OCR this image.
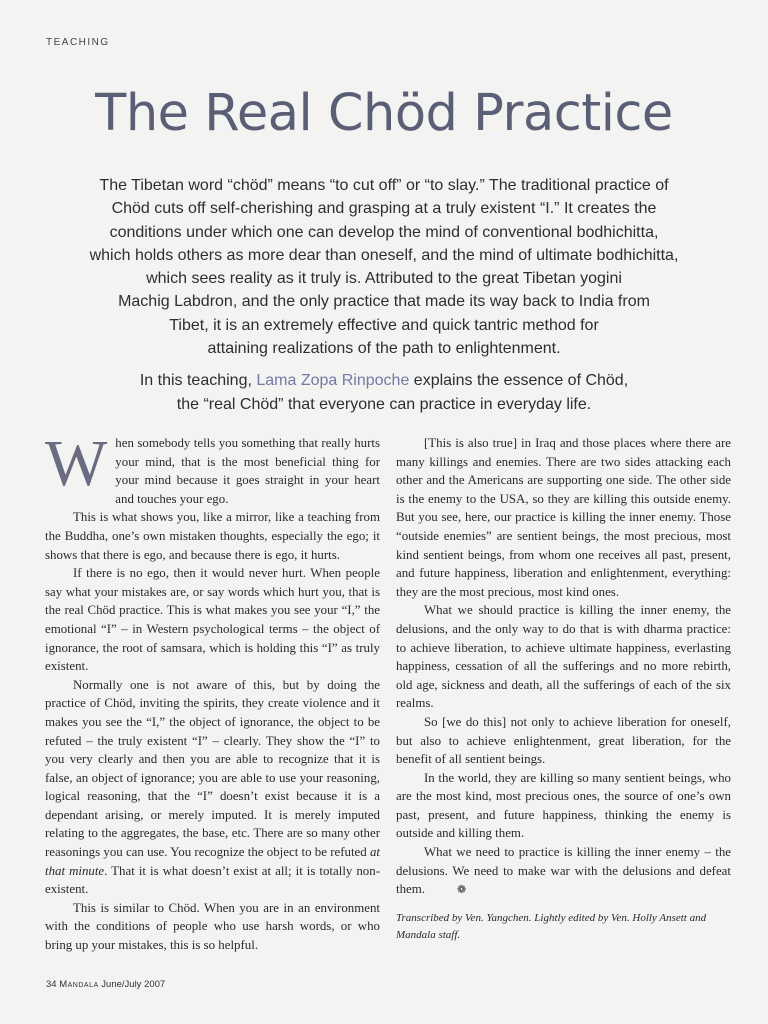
TEACHING
The Real Chöd Practice
The Tibetan word “chöd” means “to cut off” or “to slay.” The traditional practice of
Chöd cuts off self-cherishing and grasping at a truly existent “I.” It creates the
conditions under which one can develop the mind of conventional bodhichitta,
which holds others as more dear than oneself, and the mind of ultimate bodhichitta,
which sees reality as it truly is. Attributed to the great Tibetan yogini
Machig Labdron, and the only practice that made its way back to India from
Tibet, it is an extremely effective and quick tantric method for
attaining realizations of the path to enlightenment.
In this teaching, Lama Zopa Rinpoche explains the essence of Chöd,
the “real Chöd” that everyone can practice in everyday life.

When somebody tells you something that really hurts your mind, that is the most beneficial thing for your mind because it goes straight in your heart and touches your ego.

This is what shows you, like a mirror, like a teaching from the Buddha, one’s own mistaken thoughts, especially the ego; it shows that there is ego, and because there is ego, it hurts.

If there is no ego, then it would never hurt. When people say what your mistakes are, or say words which hurt you, that is the real Chöd practice. This is what makes you see your “I,” the emotional “I” – in Western psychological terms – the object of ignorance, the root of samsara, which is holding this “I” as truly existent.

Normally one is not aware of this, but by doing the practice of Chöd, inviting the spirits, they create violence and it makes you see the “I,” the object of ignorance, the object to be refuted – the truly existent “I” – clearly. They show the “I” to you very clearly and then you are able to recognize that it is false, an object of ignorance; you are able to use your reasoning, logical reasoning, that the “I” doesn’t exist because it is a dependant arising, or merely imputed. It is merely imputed relating to the aggregates, the base, etc. There are so many other reasonings you can use. You recognize the object to be refuted at that minute. That it is what doesn’t exist at all; it is totally non-existent.

This is similar to Chöd. When you are in an environment with the conditions of people who use harsh words, or who bring up your mistakes, this is so helpful.

[This is also true] in Iraq and those places where there are many killings and enemies. There are two sides attacking each other and the Americans are supporting one side. The other side is the enemy to the USA, so they are killing this outside enemy. But you see, here, our practice is killing the inner enemy. Those “outside enemies” are sentient beings, the most precious, most kind sentient beings, from whom one receives all past, present, and future happiness, liberation and enlightenment, everything: they are the most precious, most kind ones.

What we should practice is killing the inner enemy, the delusions, and the only way to do that is with dharma practice: to achieve liberation, to achieve ultimate happiness, everlasting happiness, cessation of all the sufferings and no more rebirth, old age, sickness and death, all the sufferings of each of the six realms.

So [we do this] not only to achieve liberation for oneself, but also to achieve enlightenment, great liberation, for the benefit of all sentient beings.

In the world, they are killing so many sentient beings, who are the most kind, most precious ones, the source of one’s own past, present, and future happiness, thinking the enemy is outside and killing them.

What we need to practice is killing the inner enemy – the delusions. We need to make war with the delusions and defeat them.	❁

Transcribed by Ven. Yangchen. Lightly edited by Ven. Holly Ansett and Mandala staff.
34 Mandala June/July 2007
